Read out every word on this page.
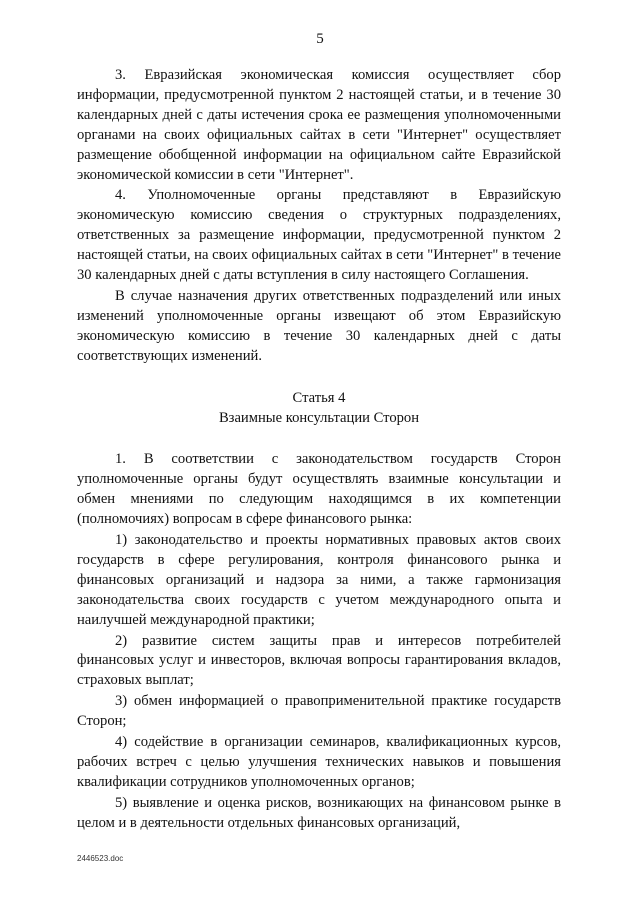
5

3. Евразийская экономическая комиссия осуществляет сбор информации, предусмотренной пунктом 2 настоящей статьи, и в течение 30 календарных дней с даты истечения срока ее размещения уполномоченными органами на своих официальных сайтах в сети "Интернет" осуществляет размещение обобщенной информации на официальном сайте Евразийской экономической комиссии в сети "Интернет".

4. Уполномоченные органы представляют в Евразийскую экономическую комиссию сведения о структурных подразделениях, ответственных за размещение информации, предусмотренной пунктом 2 настоящей статьи, на своих официальных сайтах в сети "Интернет" в течение 30 календарных дней с даты вступления в силу настоящего Соглашения.

В случае назначения других ответственных подразделений или иных изменений уполномоченные органы извещают об этом Евразийскую экономическую комиссию в течение 30 календарных дней с даты соответствующих изменений.

Статья 4

Взаимные консультации Сторон

1. В соответствии с законодательством государств Сторон уполномоченные органы будут осуществлять взаимные консультации и обмен мнениями по следующим находящимся в их компетенции (полномочиях) вопросам в сфере финансового рынка:

1) законодательство и проекты нормативных правовых актов своих государств в сфере регулирования, контроля финансового рынка и финансовых организаций и надзора за ними, а также гармонизация законодательства своих государств с учетом международного опыта и наилучшей международной практики;

2) развитие систем защиты прав и интересов потребителей финансовых услуг и инвесторов, включая вопросы гарантирования вкладов, страховых выплат;

3) обмен информацией о правоприменительной практике государств Сторон;

4) содействие в организации семинаров, квалификационных курсов, рабочих встреч с целью улучшения технических навыков и повышения квалификации сотрудников уполномоченных органов;

5) выявление и оценка рисков, возникающих на финансовом рынке в целом и в деятельности отдельных финансовых организаций,

2446523.doc
